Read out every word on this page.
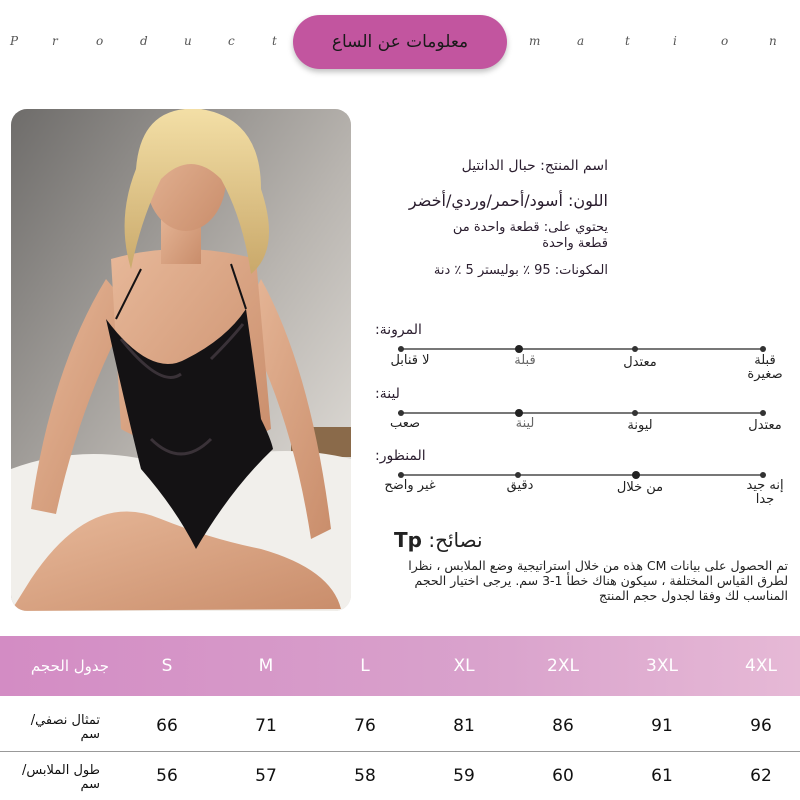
P	r	o	d	u	c	t	m	a	t	i	o	n
معلومات عن الساع
اسم المنتج: حبال الدانتيل
اللون: أسود/أحمر/وردي/أخضر
يحتوي على: قطعة واحدة من قطعة واحدة
المكونات: 95 ٪ بوليستر 5 ٪ دنة
المرونة:
قبلة صغيرة
معتدل
قبلة
لا قنابل
لينة:
معتدل
ليونة
لينة
صعب
المنظور:
إنه جيد جدا
من خلال
دقيق
غير واضح
نصائح: Tp
تم الحصول على بيانات CM هذه من خلال استراتيجية وضع الملابس ، نظرا لطرق القياس المختلفة ، سيكون هناك خطأ 1-3 سم. يرجى اختيار الحجم المناسب لك وفقا لجدول حجم المنتج
جدول الحجم	S	M	L	XL	2XL	3XL	4XL
تمثال نصفي/ سم	66	71	76	81	86	91	96
طول الملابس/ سم	56	57	58	59	60	61	62
